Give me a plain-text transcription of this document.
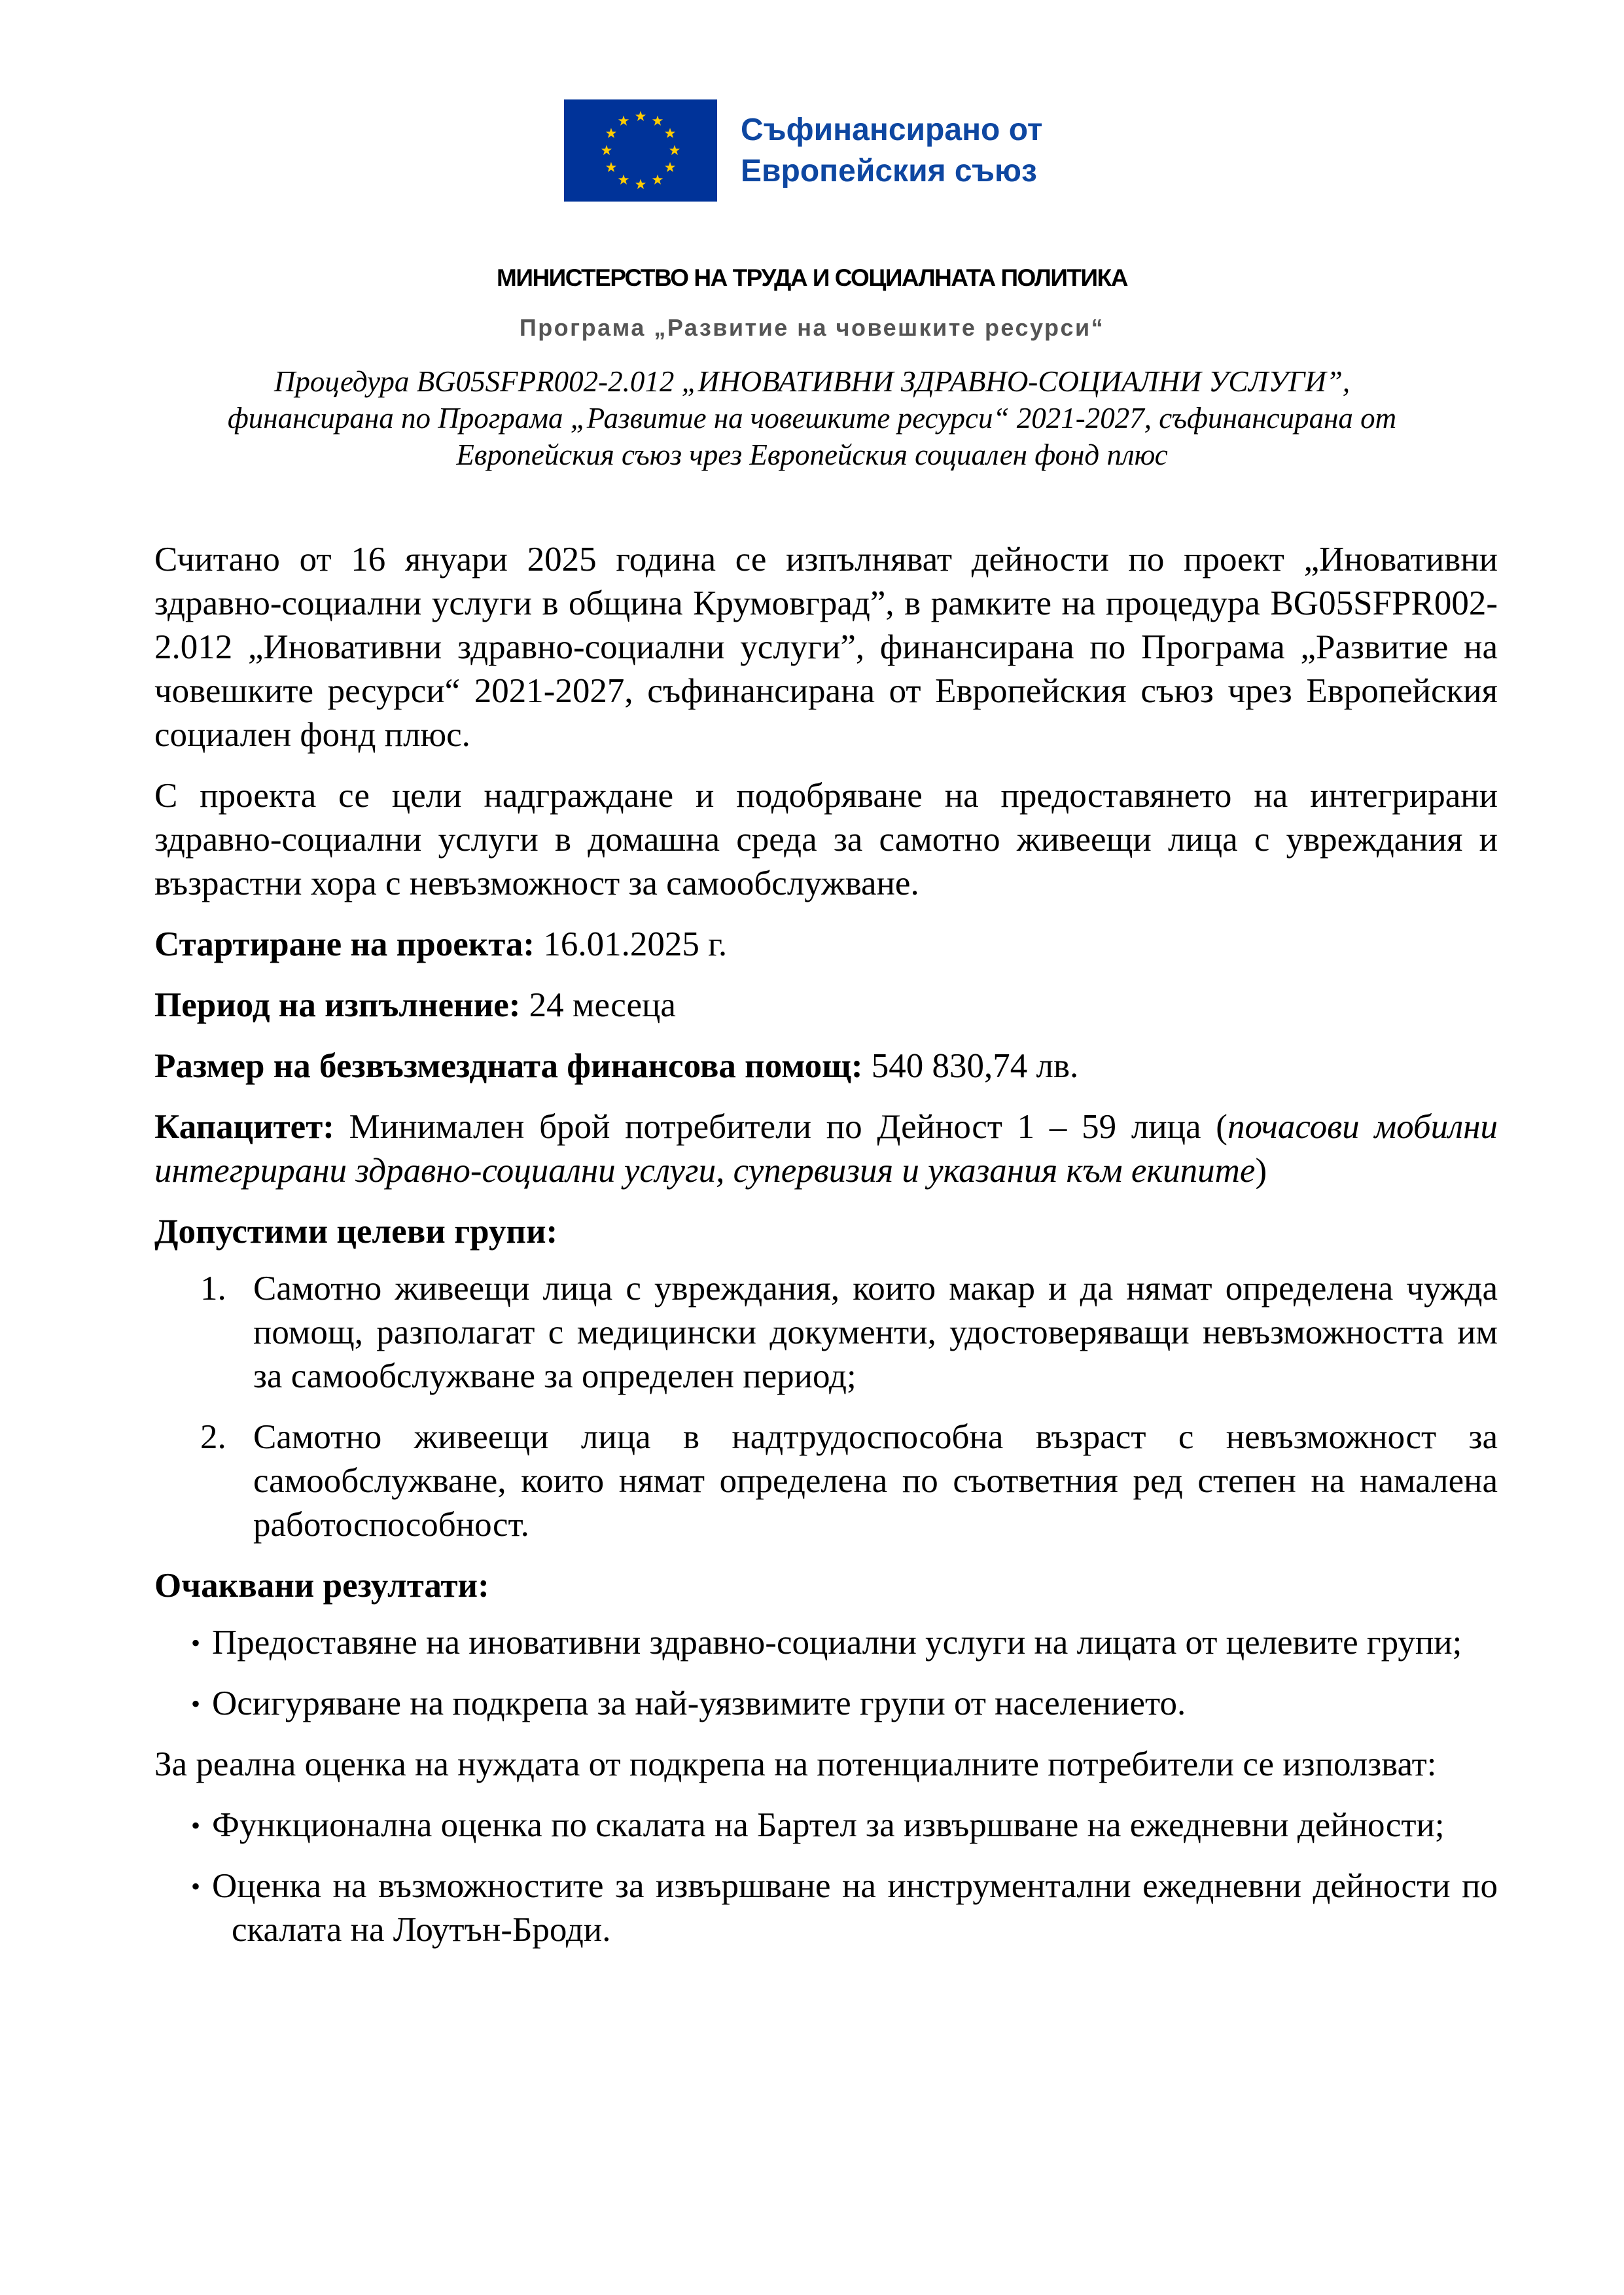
Съфинансирано от
Европейския съюз
МИНИСТЕРСТВО НА ТРУДА И СОЦИАЛНАТА ПОЛИТИКА
Програма „Развитие на човешките ресурси“
Процедура BG05SFPR002-2.012 „ИНОВАТИВНИ ЗДРАВНО-СОЦИАЛНИ УСЛУГИ”,
финансирана по Програма „Развитие на човешките ресурси“ 2021-2027, съфинансирана от
Европейския съюз чрез Европейския социален фонд плюс

Считано от 16 януари 2025 година се изпълняват дейности по проект „Иновативни здравно-социални услуги в община Крумовград”, в рамките на процедура BG05SFPR002-2.012 „Иновативни здравно-социални услуги”, финансирана по Програма „Развитие на човешките ресурси“ 2021-2027, съфинансирана от Европейския съюз чрез Европейския социален фонд плюс.

С проекта се цели надграждане и подобряване на предоставянето на интегрирани здравно-социални услуги в домашна среда за самотно живеещи лица с увреждания и възрастни хора с невъзможност за самообслужване.

Стартиране на проекта: 16.01.2025 г.

Период на изпълнение: 24 месеца

Размер на безвъзмездната финансова помощ: 540 830,74 лв.

Капацитет: Минимален брой потребители по Дейност 1 – 59 лица (почасови мобилни интегрирани здравно-социални услуги, супервизия и указания към екипите)

Допустими целеви групи:

1. Самотно живеещи лица с увреждания, които макар и да нямат определена чужда помощ, разполагат с медицински документи, удостоверяващи невъзможността им за самообслужване за определен период;
2. Самотно живеещи лица в надтрудоспособна възраст с невъзможност за самообслужване, които нямат определена по съответния ред степен на намалена работоспособност.

Очаквани резултати:

• Предоставяне на иновативни здравно-социални услуги на лицата от целевите групи;
• Осигуряване на подкрепа за най-уязвимите групи от населението.

За реална оценка на нуждата от подкрепа на потенциалните потребители се използват:

• Функционална оценка по скалата на Бартел за извършване на ежедневни дейности;
• Оценка на възможностите за извършване на инструментални ежедневни дейности по скалата на Лоутън-Броди.
